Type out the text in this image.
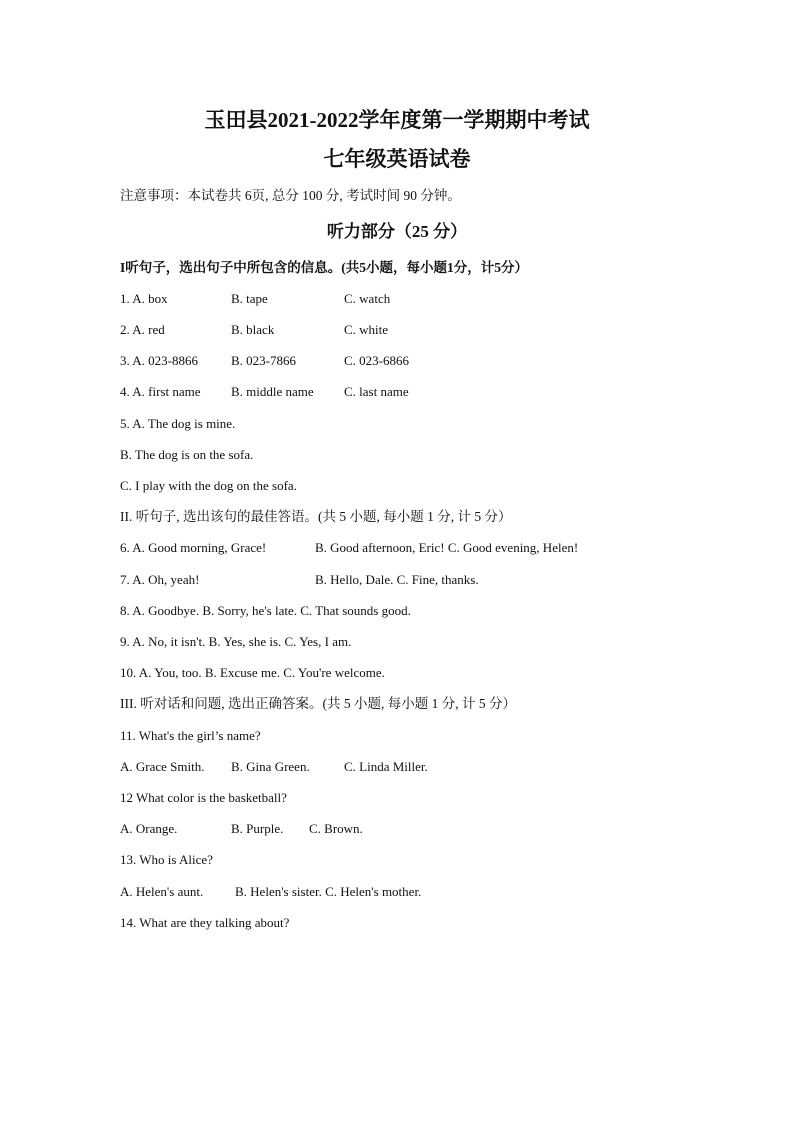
玉田县2021-2022学年度第一学期期中考试
七年级英语试卷
注意事项：本试卷共 6页, 总分 100 分, 考试时间 90 分钟。
听力部分（25 分）
I听句子，选出句子中所包含的信息。(共5小题，每小题1分，计5分）
1. A. box	B. tape	C. watch
2. A. red	B. black	C. white
3. A. 023-8866	B. 023-7866	C. 023-6866
4. A. first name B. middle name C. last name
5. A. The dog is mine.
B. The dog is on the sofa.
C. I play with the dog on the sofa.
II. 听句子, 选出该句的最佳答语。(共 5 小题, 每小题 1 分, 计 5 分）
6. A. Good morning, Grace!	B. Good afternoon, Eric! C. Good evening, Helen!
7. A. Oh, yeah!	B. Hello, Dale. C. Fine, thanks.
8. A. Goodbye. B. Sorry, he's late. C. That sounds good.
9. A. No, it isn't. B. Yes, she is. C. Yes, I am.
10. A. You, too. B. Excuse me. C. You're welcome.
III. 听对话和问题, 选出正确答案。(共 5 小题, 每小题 1 分, 计 5 分）
11. What's the girl’s name?
A. Grace Smith. B. Gina Green.	C. Linda Miller.
12 What color is the basketball?
A. Orange.	B. Purple. C. Brown.
13. Who is Alice?
A. Helen's aunt. B. Helen's sister. C. Helen's mother.
14. What are they talking about?
